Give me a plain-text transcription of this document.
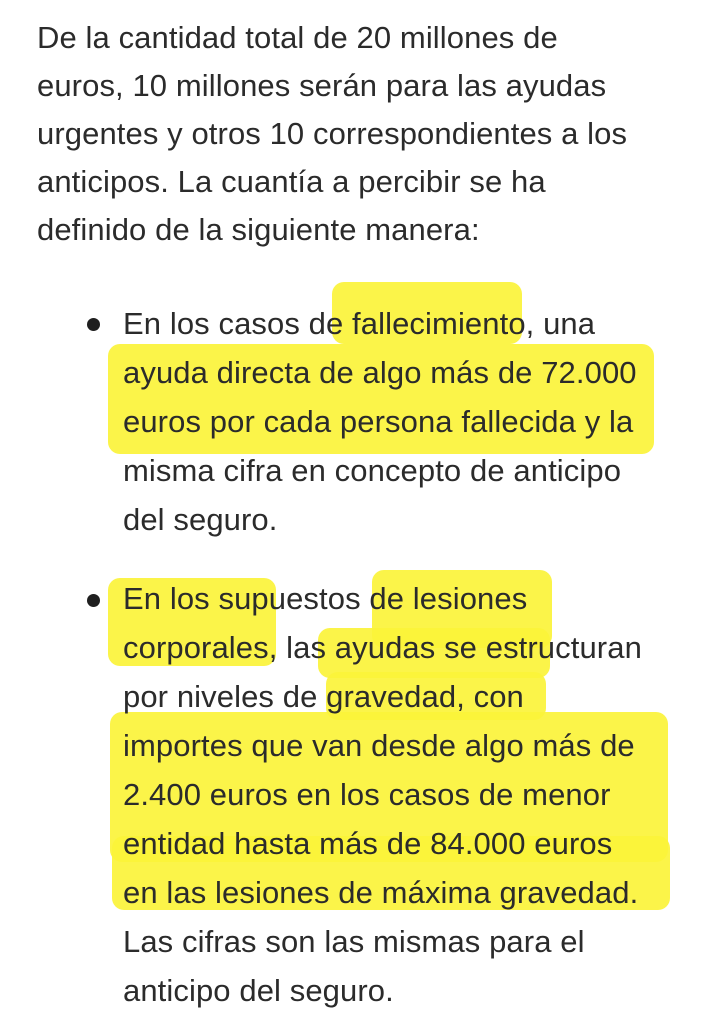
De la cantidad total de 20 millones de
euros, 10 millones serán para las ayudas
urgentes y otros 10 correspondientes a los
anticipos. La cuantía a percibir se ha
definido de la siguiente manera:
En los casos de fallecimiento, una
ayuda directa de algo más de 72.000
euros por cada persona fallecida y la
misma cifra en concepto de anticipo
del seguro.
En los supuestos de lesiones
corporales, las ayudas se estructuran
por niveles de gravedad, con
importes que van desde algo más de
2.400 euros en los casos de menor
entidad hasta más de 84.000 euros
en las lesiones de máxima gravedad.
Las cifras son las mismas para el
anticipo del seguro.
